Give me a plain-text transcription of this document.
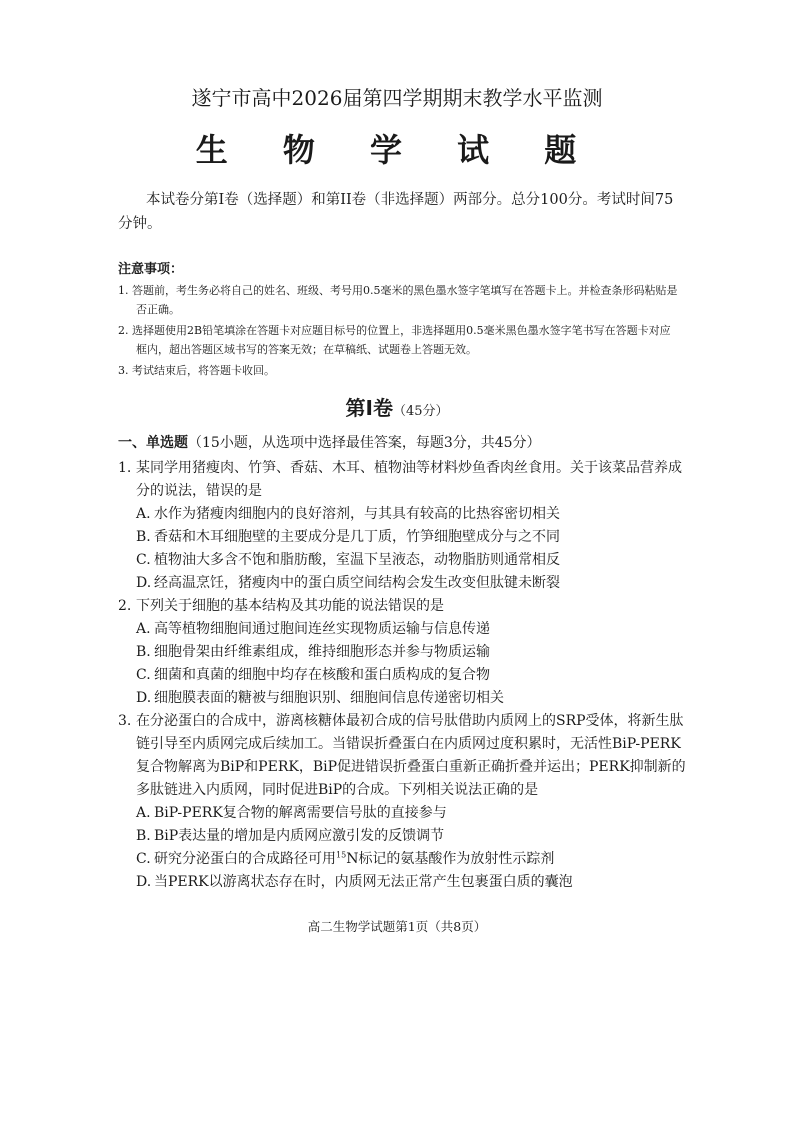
遂宁市高中2026届第四学期期末教学水平监测
生 物 学 试 题
本试卷分第Ⅰ卷（选择题）和第II卷（非选择题）两部分。总分100分。考试时间75分钟。
注意事项：
1. 答题前，考生务必将自己的姓名、班级、考号用0.5毫米的黑色墨水签字笔填写在答题卡上。并检查条形码粘贴是否正确。
2. 选择题使用2B铅笔填涂在答题卡对应题目标号的位置上，非选择题用0.5毫米黑色墨水签字笔书写在答题卡对应框内，超出答题区域书写的答案无效；在草稿纸、试题卷上答题无效。
3. 考试结束后，将答题卡收回。
第Ⅰ卷（45分）
一、单选题（15小题，从选项中选择最佳答案，每题3分，共45分）
1. 某同学用猪瘦肉、竹笋、香菇、木耳、植物油等材料炒鱼香肉丝食用。关于该菜品营养成分的说法，错误的是
A. 水作为猪瘦肉细胞内的良好溶剂，与其具有较高的比热容密切相关
B. 香菇和木耳细胞壁的主要成分是几丁质，竹笋细胞壁成分与之不同
C. 植物油大多含不饱和脂肪酸，室温下呈液态，动物脂肪则通常相反
D. 经高温烹饪，猪瘦肉中的蛋白质空间结构会发生改变但肽键未断裂
2. 下列关于细胞的基本结构及其功能的说法错误的是
A. 高等植物细胞间通过胞间连丝实现物质运输与信息传递
B. 细胞骨架由纤维素组成，维持细胞形态并参与物质运输
C. 细菌和真菌的细胞中均存在核酸和蛋白质构成的复合物
D. 细胞膜表面的糖被与细胞识别、细胞间信息传递密切相关
3. 在分泌蛋白的合成中，游离核糖体最初合成的信号肽借助内质网上的SRP受体，将新生肽链引导至内质网完成后续加工。当错误折叠蛋白在内质网过度积累时，无活性BiP-PERK复合物解离为BiP和PERK，BiP促进错误折叠蛋白重新正确折叠并运出；PERK抑制新的多肽链进入内质网，同时促进BiP的合成。下列相关说法正确的是
A. BiP-PERK复合物的解离需要信号肽的直接参与
B. BiP表达量的增加是内质网应激引发的反馈调节
C. 研究分泌蛋白的合成路径可用$^{15}$N标记的氨基酸作为放射性示踪剂
D. 当PERK以游离状态存在时，内质网无法正常产生包裹蛋白质的囊泡
高二生物学试题第1页（共8页）
